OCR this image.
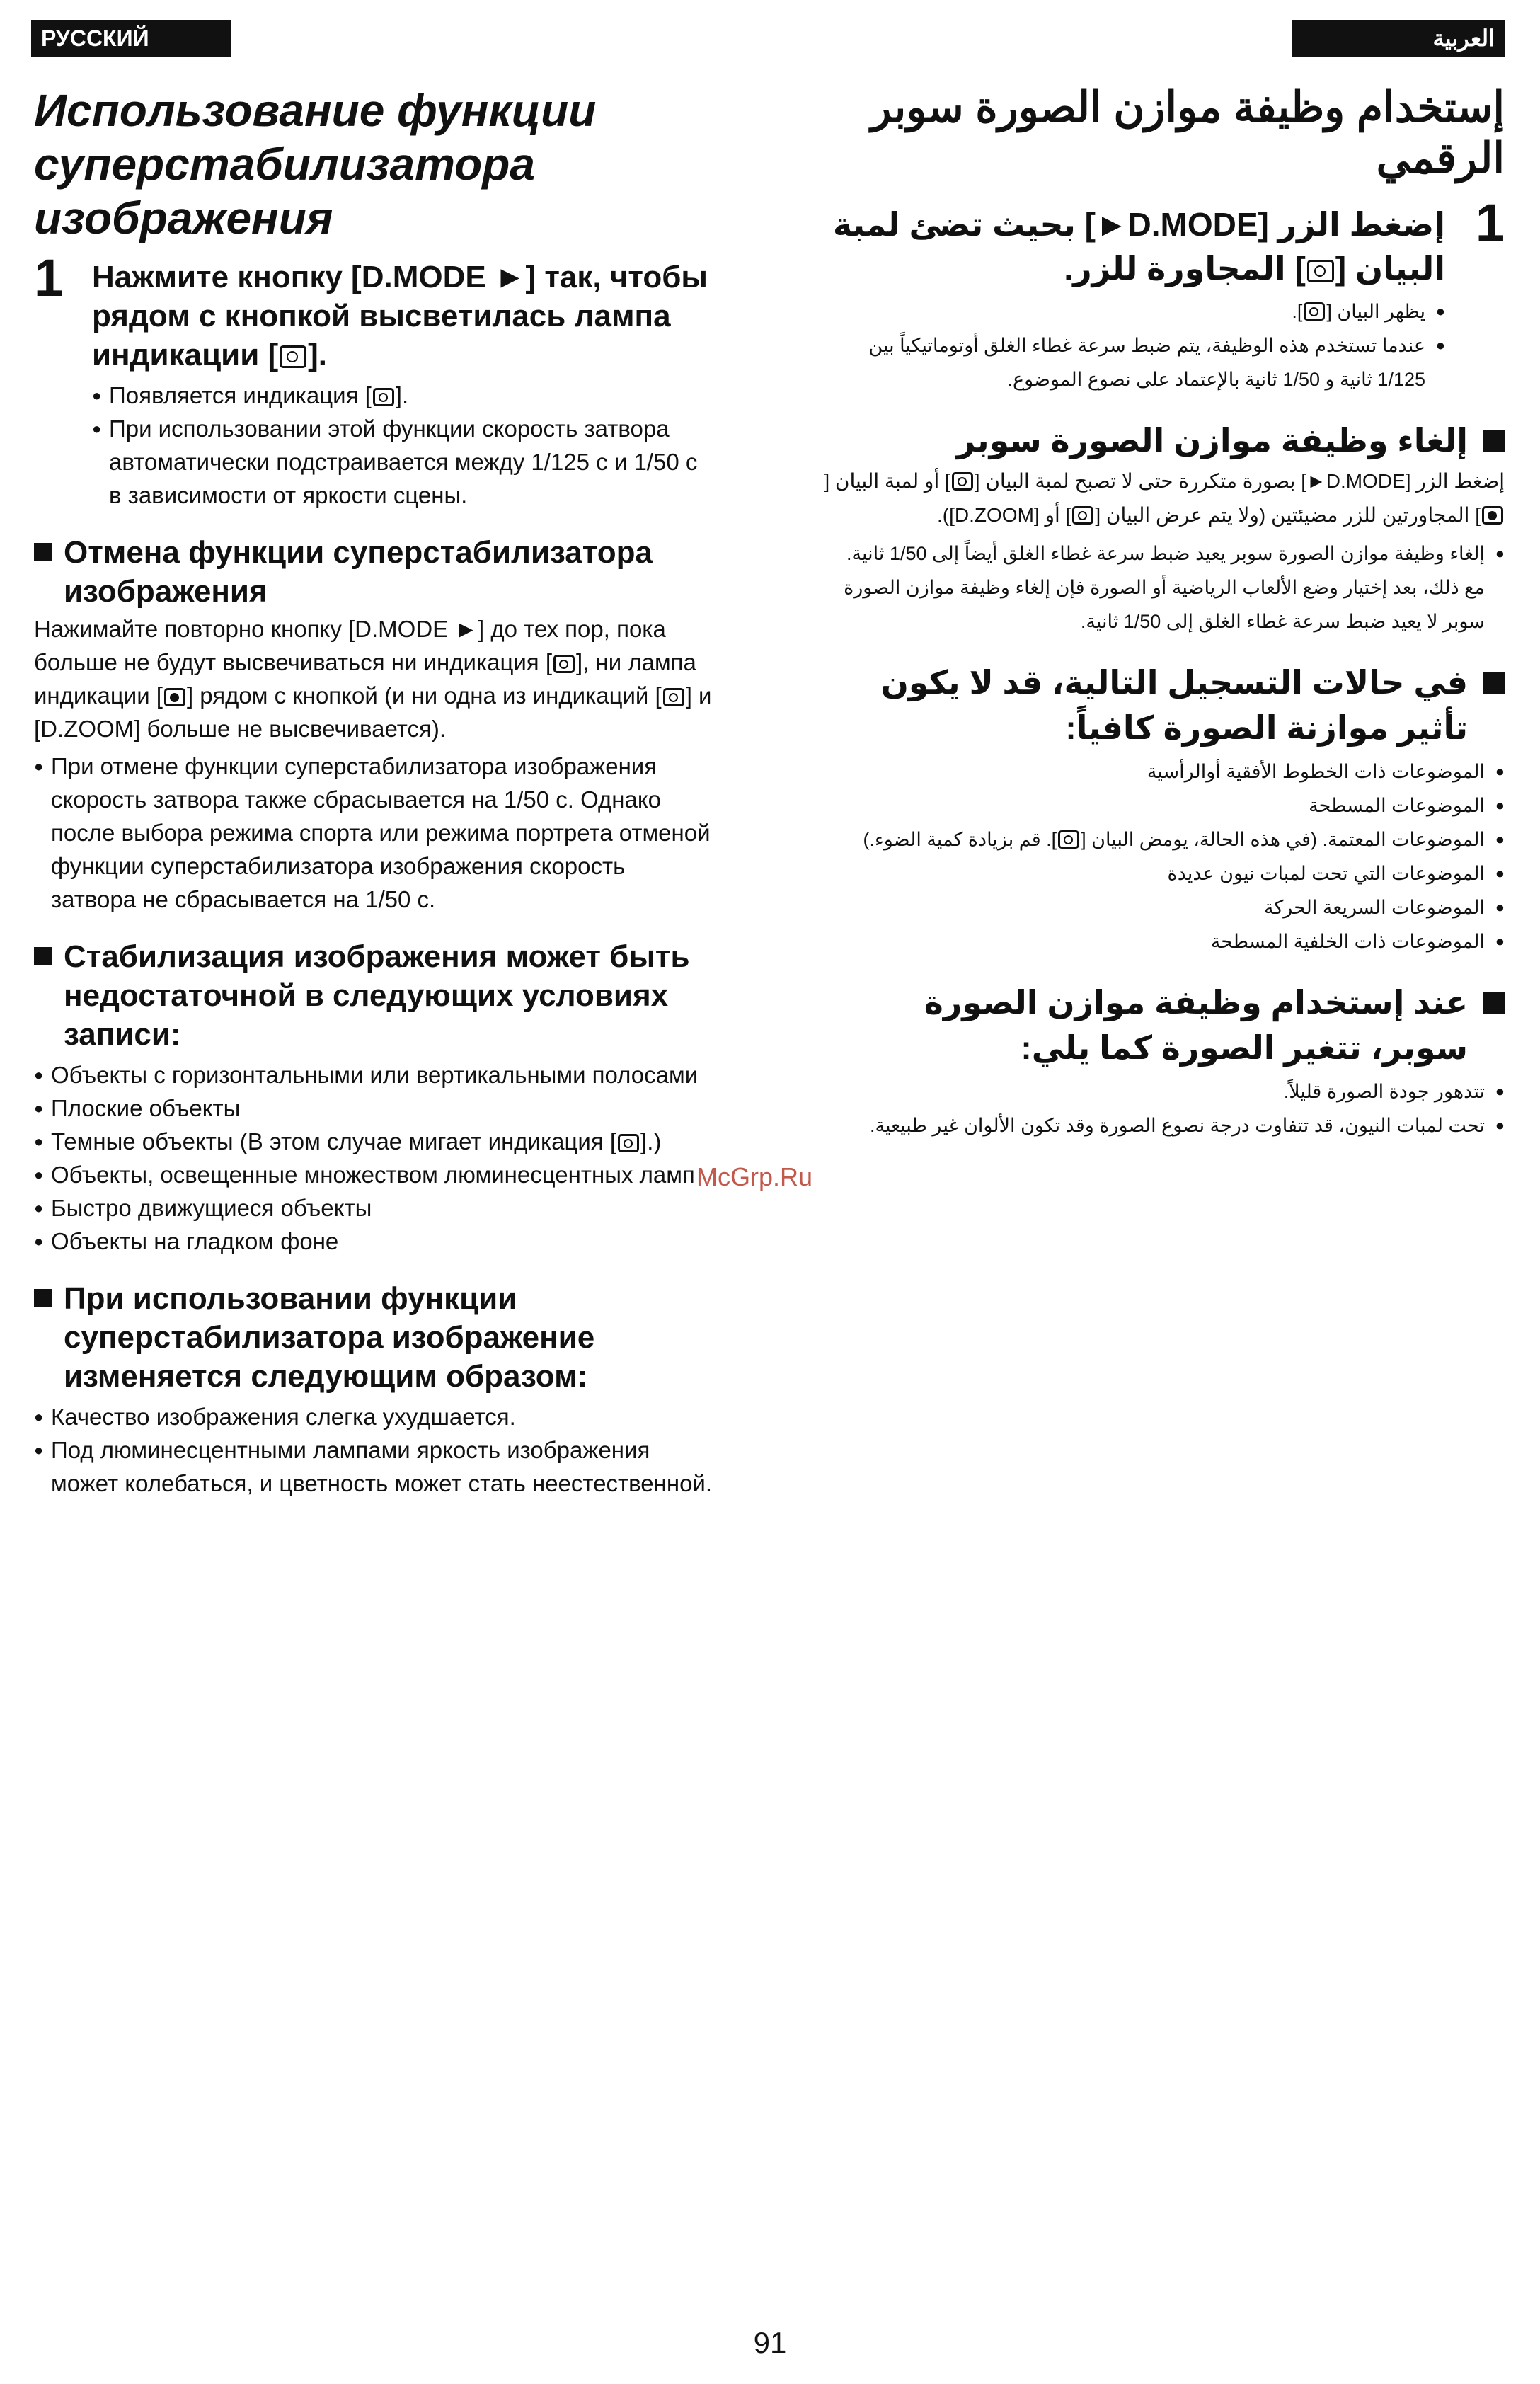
РУССКИЙ ЯЗЫК
العربية
Использование функции суперстабилизатора изображения
1 Нажмите кнопку [D.MODE ►] так, чтобы рядом с кнопкой высветилась лампа индикации [ ].
● Появляется индикация [ ].
● При использовании этой функции скорость затвора автоматически подстраивается между 1/125 с и 1/50 с в зависимости от яркости сцены.
Отмена функции суперстабилизатора изображения
Нажимайте повторно кнопку [D.MODE ►] до тех пор, пока больше не будут высвечиваться ни индикация [ ], ни лампа индикации [ ] рядом с кнопкой (и ни одна из индикаций [ ] и [D.ZOOM] больше не высвечивается).
● При отмене функции суперстабилизатора изображения скорость затвора также сбрасывается на 1/50 с. Однако после выбора режима спорта или режима портрета отменой функции суперстабилизатора изображения скорость затвора не сбрасывается на 1/50 с.
Стабилизация изображения может быть недостаточной в следующих условиях записи:
● Объекты с горизонтальными или вертикальными полосами
● Плоские объекты
● Темные объекты (В этом случае мигает индикация [ ].)
● Объекты, освещенные множеством люминесцентных ламп
● Быстро движущиеся объекты
● Объекты на гладком фоне
При использовании функции суперстабилизатора изображение изменяется следующим образом:
● Качество изображения слегка ухудшается.
● Под люминесцентными лампами яркость изображения может колебаться, и цветность может стать неестественной.
إستخدام وظيفة موازن الصورة سوبر الرقمي
1
إضغط الزر [D.MODE►] بحيث تضئ لمبة البيان [] المجاورة للزر.
● يظهر البيان [].
● عندما تستخدم هذه الوظيفة، يتم ضبط سرعة غطاء الغلق أوتوماتيكياً بين 1/125 ثانية و 1/50 ثانية بالإعتماد على نصوع الموضوع.
إلغاء وظيفة موازن الصورة سوبر
إضغط الزر [D.MODE►] بصورة متكررة حتى لا تصبح لمبة البيان [] أو لمبة البيان [] المجاورتين للزر مضيئتين (ولا يتم عرض البيان [] أو [D.ZOOM]).
● إلغاء وظيفة موازن الصورة سوبر يعيد ضبط سرعة غطاء الغلق أيضاً إلى 1/50 ثانية. مع ذلك، بعد إختيار وضع الألعاب الرياضية أو الصورة فإن إلغاء وظيفة موازن الصورة سوبر لا يعيد ضبط سرعة غطاء الغلق إلى 1/50 ثانية.
في حالات التسجيل التالية، قد لا يكون تأثير موازنة الصورة كافياً:
● الموضوعات ذات الخطوط الأفقية أوالرأسية
● الموضوعات المسطحة
● الموضوعات المعتمة. (في هذه الحالة، يومض البيان []. قم بزيادة كمية الضوء.)
● الموضوعات التي تحت لمبات نيون عديدة
● الموضوعات السريعة الحركة
● الموضوعات ذات الخلفية المسطحة
عند إستخدام وظيفة موازن الصورة سوبر، تتغير الصورة كما يلي:
● تتدهور جودة الصورة قليلاً.
● تحت لمبات النيون، قد تتفاوت درجة نصوع الصورة وقد تكون الألوان غير طبيعية.
McGrp.Ru
91
